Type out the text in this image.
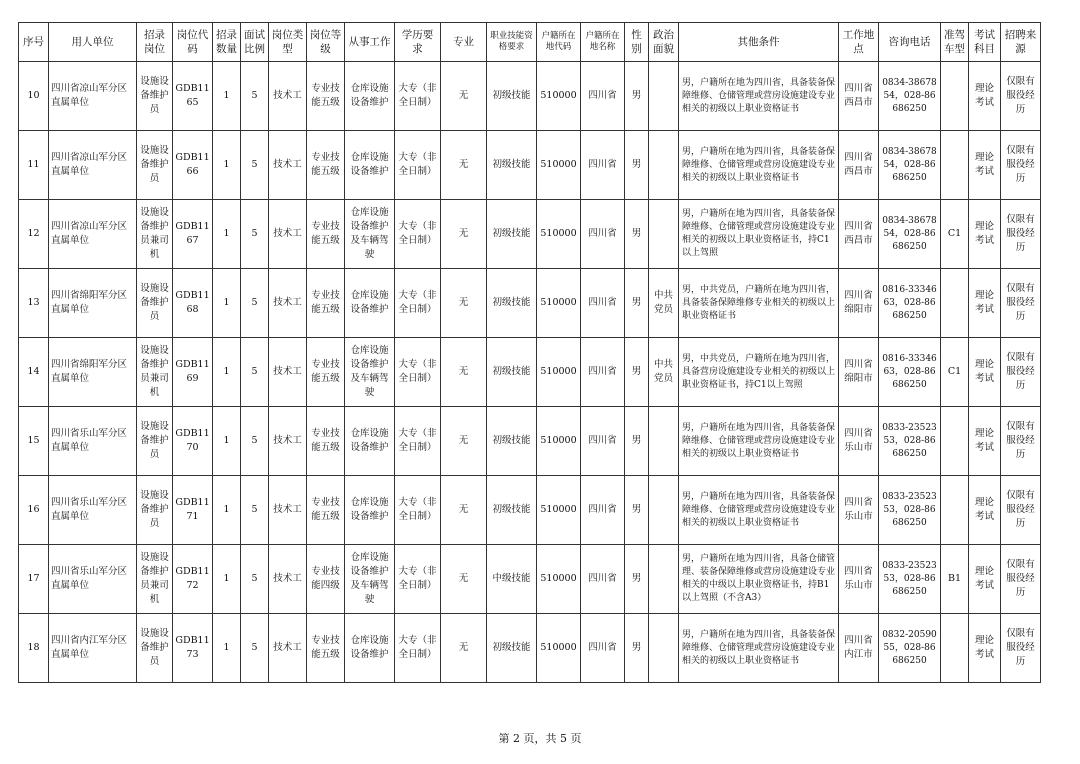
序号	用人单位	招录岗位	岗位代码	招录数量	面试比例	岗位类型	岗位等级	从事工作	学历要求	专业	职业技能资格要求	户籍所在地代码	户籍所在地名称	性别	政治面貌	其他条件	工作地点	咨询电话	准驾车型	考试科目	招聘来源
10	四川省凉山军分区直属单位	设施设备维护员	GDB1165	1	5	技术工	专业技能五级	仓库设施设备维护	大专（非全日制）	无	初级技能	510000	四川省	男		男，户籍所在地为四川省，具备装备保障维修、仓储管理或营房设施建设专业相关的初级以上职业资格证书	四川省西昌市	0834-3867854，028-86686250		理论考试	仅限有服役经历
11	四川省凉山军分区直属单位	设施设备维护员	GDB1166	1	5	技术工	专业技能五级	仓库设施设备维护	大专（非全日制）	无	初级技能	510000	四川省	男		男，户籍所在地为四川省，具备装备保障维修、仓储管理或营房设施建设专业相关的初级以上职业资格证书	四川省西昌市	0834-3867854，028-86686250		理论考试	仅限有服役经历
12	四川省凉山军分区直属单位	设施设备维护员兼司机	GDB1167	1	5	技术工	专业技能五级	仓库设施设备维护及车辆驾驶	大专（非全日制）	无	初级技能	510000	四川省	男		男，户籍所在地为四川省，具备装备保障维修、仓储管理或营房设施建设专业相关的初级以上职业资格证书，持C1以上驾照	四川省西昌市	0834-3867854，028-86686250	C1	理论考试	仅限有服役经历
13	四川省绵阳军分区直属单位	设施设备维护员	GDB1168	1	5	技术工	专业技能五级	仓库设施设备维护	大专（非全日制）	无	初级技能	510000	四川省	男	中共党员	男，中共党员，户籍所在地为四川省，具备装备保障维修专业相关的初级以上职业资格证书	四川省绵阳市	0816-3334663，028-86686250		理论考试	仅限有服役经历
14	四川省绵阳军分区直属单位	设施设备维护员兼司机	GDB1169	1	5	技术工	专业技能五级	仓库设施设备维护及车辆驾驶	大专（非全日制）	无	初级技能	510000	四川省	男	中共党员	男，中共党员，户籍所在地为四川省，具备营房设施建设专业相关的初级以上职业资格证书，持C1以上驾照	四川省绵阳市	0816-3334663，028-86686250	C1	理论考试	仅限有服役经历
15	四川省乐山军分区直属单位	设施设备维护员	GDB1170	1	5	技术工	专业技能五级	仓库设施设备维护	大专（非全日制）	无	初级技能	510000	四川省	男		男，户籍所在地为四川省，具备装备保障维修、仓储管理或营房设施建设专业相关的初级以上职业资格证书	四川省乐山市	0833-2352353，028-86686250		理论考试	仅限有服役经历
16	四川省乐山军分区直属单位	设施设备维护员	GDB1171	1	5	技术工	专业技能五级	仓库设施设备维护	大专（非全日制）	无	初级技能	510000	四川省	男		男，户籍所在地为四川省，具备装备保障维修、仓储管理或营房设施建设专业相关的初级以上职业资格证书	四川省乐山市	0833-2352353，028-86686250		理论考试	仅限有服役经历
17	四川省乐山军分区直属单位	设施设备维护员兼司机	GDB1172	1	5	技术工	专业技能四级	仓库设施设备维护及车辆驾驶	大专（非全日制）	无	中级技能	510000	四川省	男		男，户籍所在地为四川省，具备仓储管理、装备保障维修或营房设施建设专业相关的中级以上职业资格证书，持B1以上驾照（不含A3）	四川省乐山市	0833-2352353，028-86686250	B1	理论考试	仅限有服役经历
18	四川省内江军分区直属单位	设施设备维护员	GDB1173	1	5	技术工	专业技能五级	仓库设施设备维护	大专（非全日制）	无	初级技能	510000	四川省	男		男，户籍所在地为四川省，具备装备保障维修、仓储管理或营房设施建设专业相关的初级以上职业资格证书	四川省内江市	0832-2059055，028-86686250		理论考试	仅限有服役经历
第 2 页，共 5 页
